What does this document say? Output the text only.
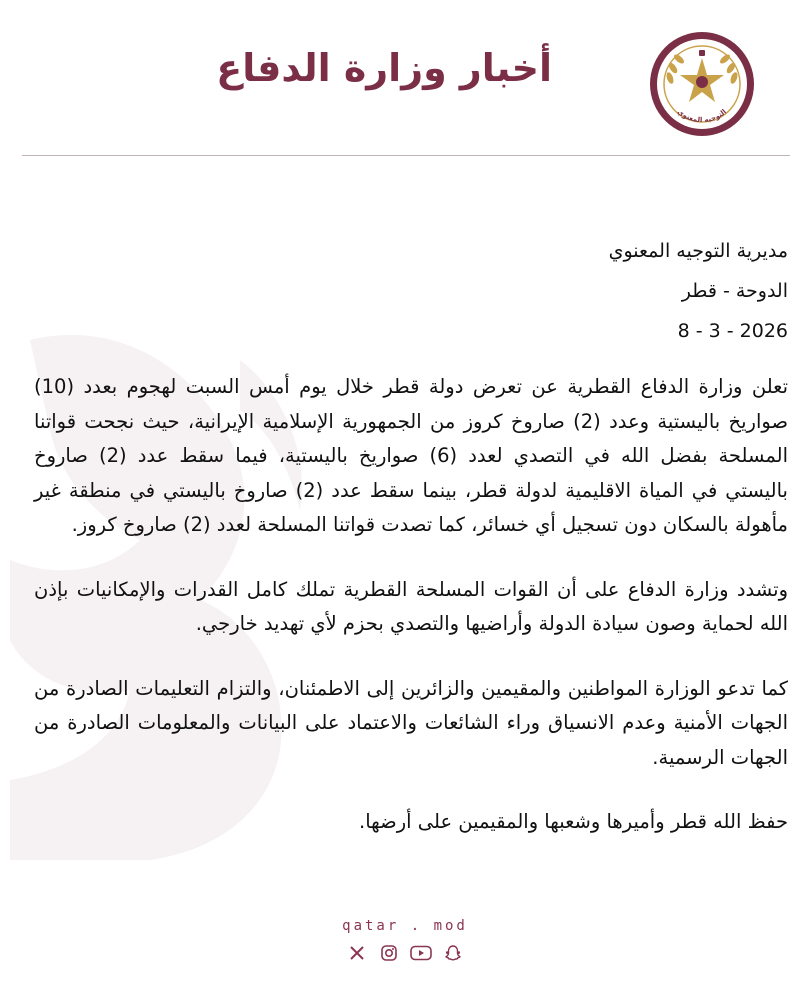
أخبار وزارة الدفاع
التوجيه المعنوي
مديرية التوجيه المعنوي
الدوحة - قطر
8 - 3 - 2026

تعلن وزارة الدفاع القطرية عن تعرض دولة قطر خلال يوم أمس السبت لهجوم بعدد (10) صواريخ باليستية وعدد (2) صاروخ كروز من الجمهورية الإسلامية الإيرانية، حيث نجحت قواتنا المسلحة بفضل الله في التصدي لعدد (6) صواريخ باليستية، فيما سقط عدد (2) صاروخ باليستي في المياة الاقليمية لدولة قطر، بينما سقط عدد (2) صاروخ باليستي في منطقة غير مأهولة بالسكان دون تسجيل أي خسائر، كما تصدت قواتنا المسلحة لعدد (2) صاروخ كروز.

وتشدد وزارة الدفاع على أن القوات المسلحة القطرية تملك كامل القدرات والإمكانيات بإذن الله لحماية وصون سيادة الدولة وأراضيها والتصدي بحزم لأي تهديد خارجي.

كما تدعو الوزارة المواطنين والمقيمين والزائرين إلى الاطمئنان، والتزام التعليمات الصادرة من الجهات الأمنية وعدم الانسياق وراء الشائعات والاعتماد على البيانات والمعلومات الصادرة من الجهات الرسمية.

حفظ الله قطر وأميرها وشعبها والمقيمين على أرضها.

qatar . mod
